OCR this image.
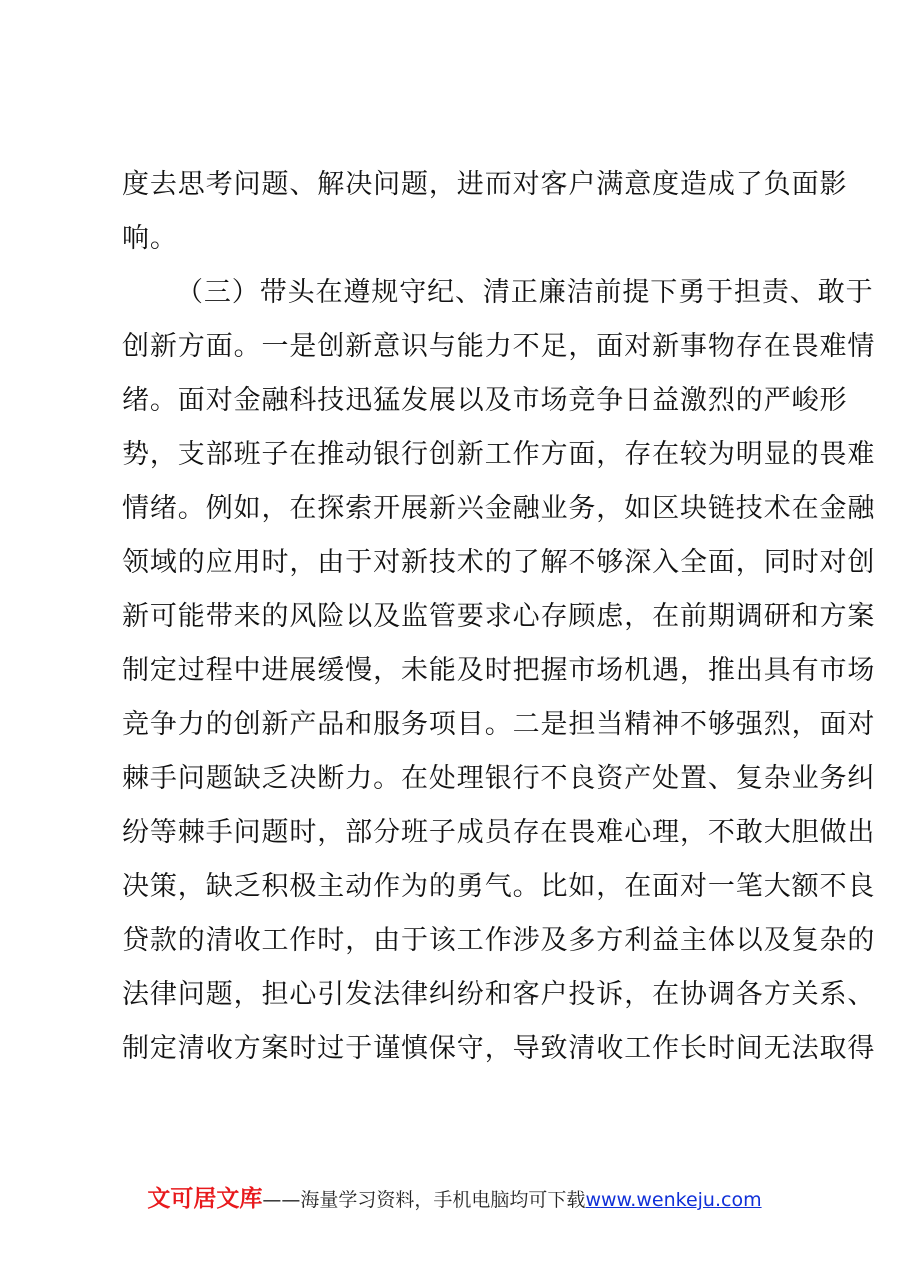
度去思考问题、解决问题，进而对客户满意度造成了负面影
响。
（三）带头在遵规守纪、清正廉洁前提下勇于担责、敢于
创新方面。一是创新意识与能力不足，面对新事物存在畏难情
绪。面对金融科技迅猛发展以及市场竞争日益激烈的严峻形
势，支部班子在推动银行创新工作方面，存在较为明显的畏难
情绪。例如，在探索开展新兴金融业务，如区块链技术在金融
领域的应用时，由于对新技术的了解不够深入全面，同时对创
新可能带来的风险以及监管要求心存顾虑，在前期调研和方案
制定过程中进展缓慢，未能及时把握市场机遇，推出具有市场
竞争力的创新产品和服务项目。二是担当精神不够强烈，面对
棘手问题缺乏决断力。在处理银行不良资产处置、复杂业务纠
纷等棘手问题时，部分班子成员存在畏难心理，不敢大胆做出
决策，缺乏积极主动作为的勇气。比如，在面对一笔大额不良
贷款的清收工作时，由于该工作涉及多方利益主体以及复杂的
法律问题，担心引发法律纠纷和客户投诉，在协调各方关系、
制定清收方案时过于谨慎保守，导致清收工作长时间无法取得
文可居文库——海量学习资料，手机电脑均可下载www.wenkeju.com
